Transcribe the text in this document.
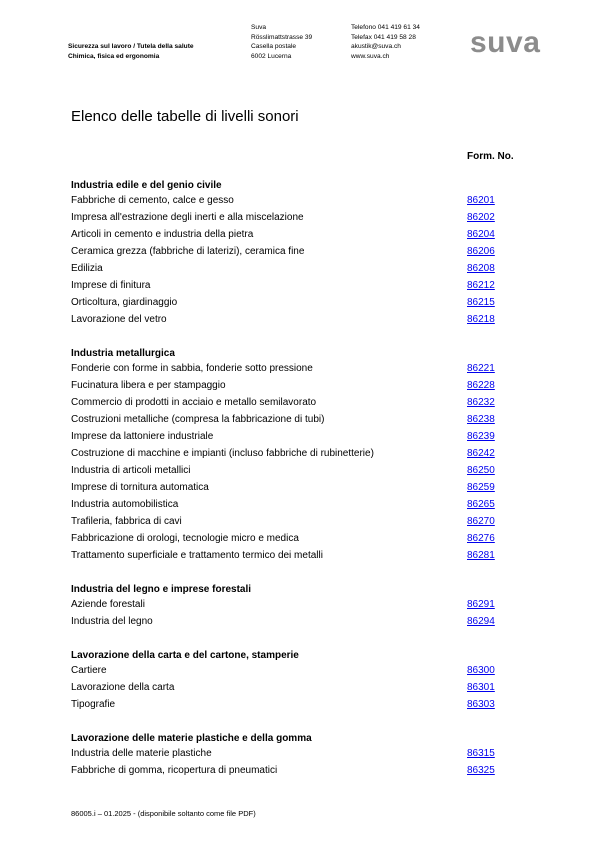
Sicurezza sul lavoro / Tutela della salute
Chimica, fisica ed ergonomia
Suva
Rösslimattstrasse 39
Casella postale
6002 Lucerna
Telefono 041 419 61 34
Telefax 041 419 58 28
akustik@suva.ch
www.suva.ch	suva
Elenco delle tabelle di livelli sonori
Form. No.
Industria edile e del genio civile
Fabbriche di cemento, calce e gesso	86201
Impresa all'estrazione degli inerti e alla miscelazione	86202
Articoli in cemento e industria della pietra	86204
Ceramica grezza (fabbriche di laterizi), ceramica fine	86206
Edilizia	86208
Imprese di finitura	86212
Orticoltura, giardinaggio	86215
Lavorazione del vetro	86218
Industria metallurgica
Fonderie con forme in sabbia, fonderie sotto pressione	86221
Fucinatura libera e per stampaggio	86228
Commercio di prodotti in acciaio e metallo semilavorato	86232
Costruzioni metalliche (compresa la fabbricazione di tubi)	86238
Imprese da lattoniere industriale	86239
Costruzione di macchine e impianti (incluso fabbriche di rubinetterie)	86242
Industria di articoli metallici	86250
Imprese di tornitura automatica	86259
Industria automobilistica	86265
Trafileria, fabbrica di cavi	86270
Fabbricazione di orologi, tecnologie micro e medica	86276
Trattamento superficiale e trattamento termico dei metalli	86281
Industria del legno e imprese forestali
Aziende forestali	86291
Industria del legno	86294
Lavorazione della carta e del cartone, stamperie
Cartiere	86300
Lavorazione della carta	86301
Tipografie	86303
Lavorazione delle materie plastiche e della gomma
Industria delle materie plastiche	86315
Fabbriche di gomma, ricopertura di pneumatici	86325
86005.i – 01.2025 - (disponibile soltanto come file PDF)
